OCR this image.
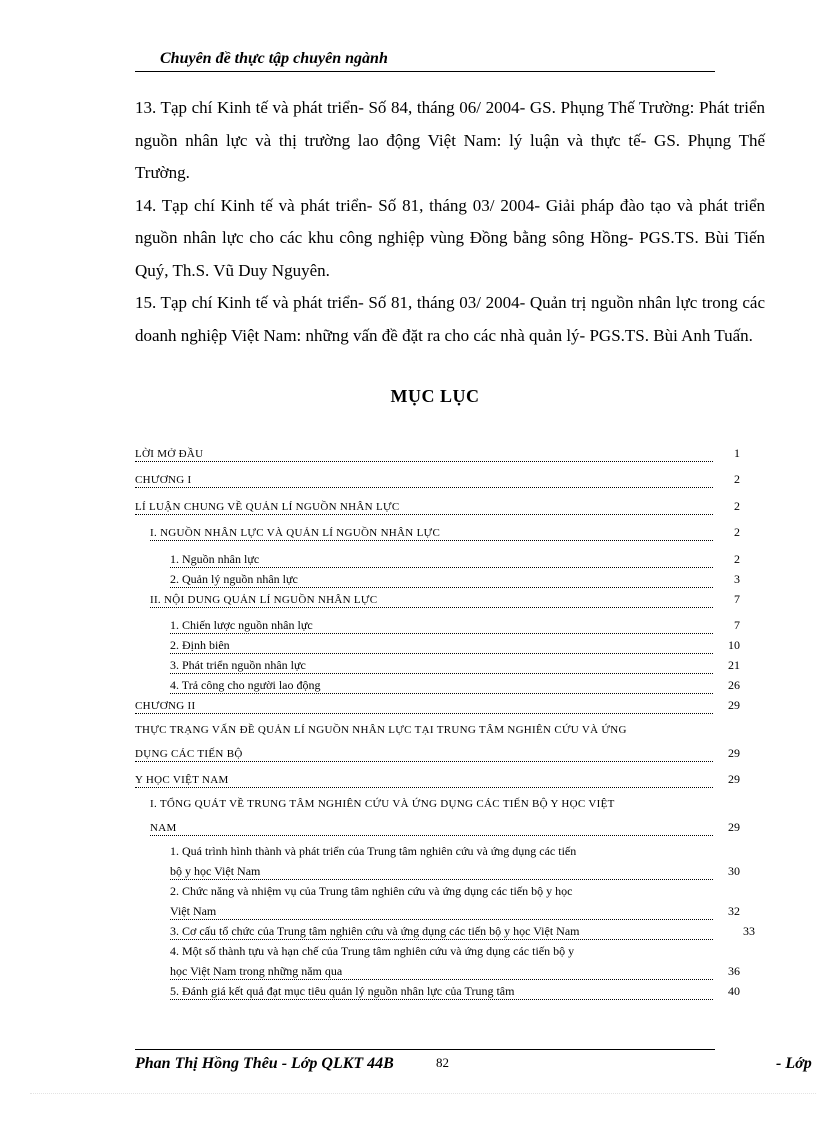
Chuyên đề thực tập chuyên ngành

13. Tạp chí Kinh tế và phát triển- Số 84, tháng 06/ 2004- GS. Phụng Thế Trường: Phát triển nguồn nhân lực và thị trường lao động Việt Nam: lý luận và thực tế- GS. Phụng Thế Trường.

14. Tạp chí Kinh tế và phát triển- Số 81, tháng 03/ 2004- Giải pháp đào tạo và phát triển nguồn nhân lực cho các khu công nghiệp vùng Đồng bằng sông Hồng- PGS.TS. Bùi Tiến Quý, Th.S. Vũ Duy Nguyên.

15. Tạp chí Kinh tế và phát triển- Số 81, tháng 03/ 2004- Quản trị nguồn nhân lực trong các doanh nghiệp Việt Nam: những vấn đề đặt ra cho các nhà quản lý- PGS.TS. Bùi Anh Tuấn.

MỤC LỤC
LỜI MỞ ĐẦU	1
CHƯƠNG I	2
LÍ LUẬN CHUNG VỀ QUẢN LÍ NGUỒN NHÂN LỰC	2
I. NGUỒN NHÂN LỰC VÀ QUẢN LÍ NGUỒN NHÂN LỰC	2
1. Nguồn nhân lực	2
2. Quản lý nguồn nhân lực	3
II. NỘI DUNG QUẢN LÍ NGUỒN NHÂN LỰC	7
1. Chiến lược nguồn nhân lực	7
2. Định biên	10
3. Phát triển nguồn nhân lực	21
4. Trả công cho người lao động	26
CHƯƠNG II	29
THỰC TRẠNG VẤN ĐỀ QUẢN LÍ NGUỒN NHÂN LỰC TẠI TRUNG TÂM NGHIÊN CỨU VÀ ỨNG
DỤNG CÁC TIẾN BỘ	29
Y HỌC VIỆT NAM	29
I. TỔNG QUÁT VỀ TRUNG TÂM NGHIÊN CỨU VÀ ỨNG DỤNG CÁC TIẾN BỘ Y HỌC VIỆT
NAM	29
1. Quá trình hình thành và phát triển của Trung tâm nghiên cứu và ứng dụng các tiến
bộ y học Việt Nam	30
2. Chức năng và nhiệm vụ của Trung tâm nghiên cứu và ứng dụng các tiến bộ y học
Việt Nam	32
3. Cơ cấu tổ chức của Trung tâm nghiên cứu và ứng dụng các tiến bộ y học Việt Nam	33
4. Một số thành tựu và hạn chế của Trung tâm nghiên cứu và ứng dụng các tiến bộ y
học Việt Nam trong những năm qua	36
5. Đánh giá kết quả đạt mục tiêu quản lý nguồn nhân lực của Trung tâm	40
Phan Thị Hồng Thêu - Lớp QLKT 44B	82	- Lớp
